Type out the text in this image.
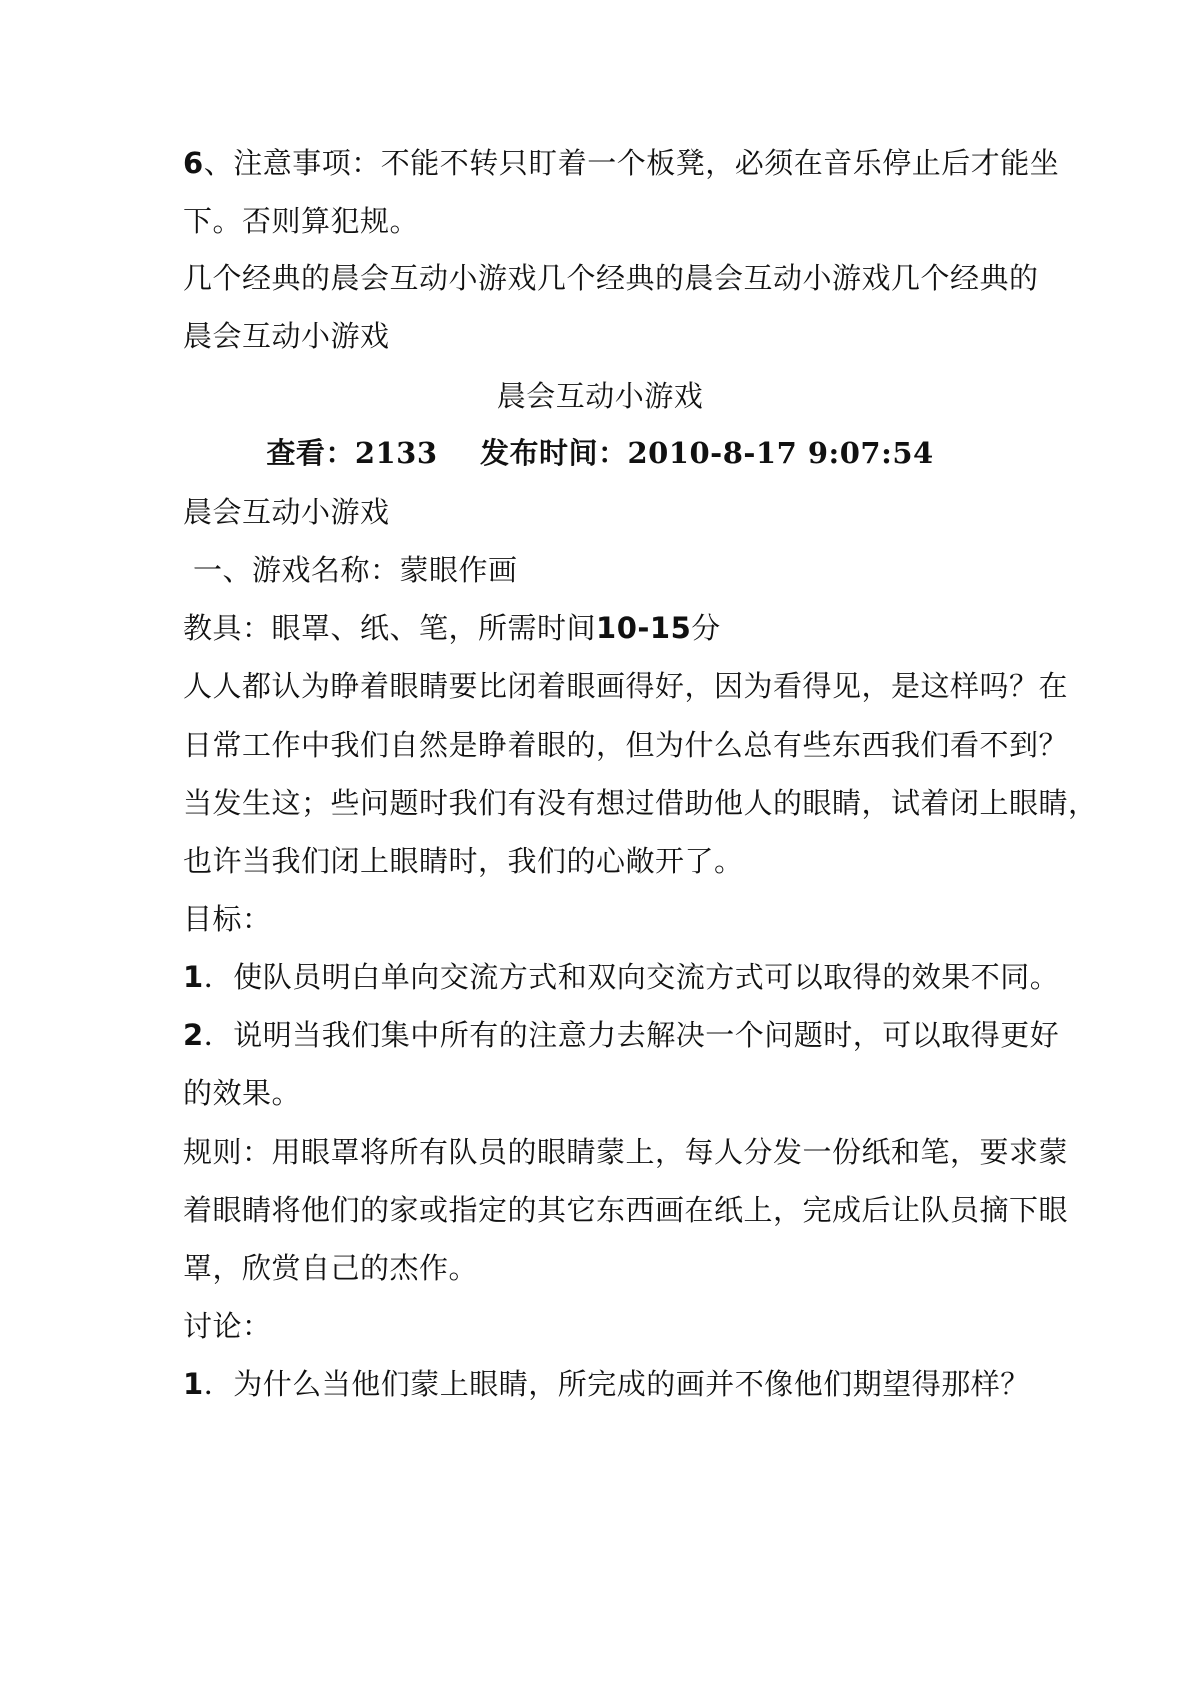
6、注意事项：不能不转只盯着一个板凳，必须在音乐停止后才能坐
下。否则算犯规。
几个经典的晨会互动小游戏几个经典的晨会互动小游戏几个经典的
晨会互动小游戏
晨会互动小游戏
查看：2133 发布时间：2010-8-17 9:07:54
晨会互动小游戏
一、游戏名称：蒙眼作画
教具：眼罩、纸、笔，所需时间10-15分
人人都认为睁着眼睛要比闭着眼画得好，因为看得见，是这样吗？在
日常工作中我们自然是睁着眼的，但为什么总有些东西我们看不到？
当发生这；些问题时我们有没有想过借助他人的眼睛，试着闭上眼睛，
也许当我们闭上眼睛时，我们的心敞开了。
目标：
1．使队员明白单向交流方式和双向交流方式可以取得的效果不同。
2．说明当我们集中所有的注意力去解决一个问题时，可以取得更好
的效果。
规则：用眼罩将所有队员的眼睛蒙上，每人分发一份纸和笔，要求蒙
着眼睛将他们的家或指定的其它东西画在纸上，完成后让队员摘下眼
罩，欣赏自己的杰作。
讨论：
1．为什么当他们蒙上眼睛，所完成的画并不像他们期望得那样？
